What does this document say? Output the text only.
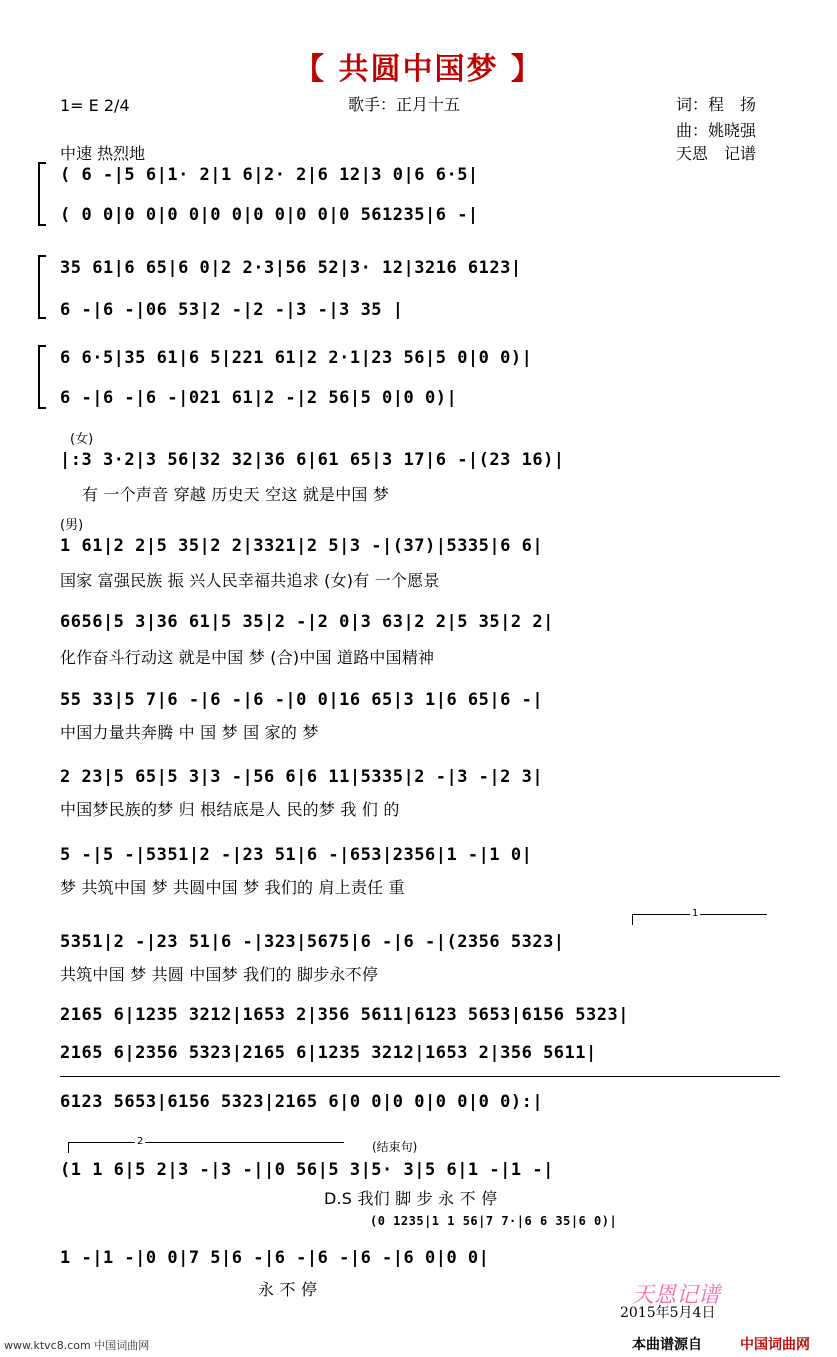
【 共圆中国梦 】
1= E 2/4	歌手：正月十五	词：程　扬
曲：姚晓强
中速 热烈地	天恩　记谱
( 6 -|5 6|1· 2|1 6|2· 2|6 12|3 0|6 6·5|
( 0 0|0 0|0 0|0 0|0 0|0 0|0 561235|6 -|
35 61|6 65|6 0|2 2·3|56 52|3· 12|3216 6123|
6 -|6 -|06 53|2 -|2 -|3 -|3 35 |
6 6·5|35 61|6 5|221 61|2 2·1|23 56|5 0|0 0)|
6 -|6 -|6 -|021 61|2 -|2 56|5 0|0 0)|
(女)
|:3 3·2|3 56|32 32|36 6|61 65|3 17|6 -|(23 16)|
有 一个声音 穿越 历史天 空这 就是中国 梦
(男)
1 61|2 2|5 35|2 2|3321|2 5|3 -|(37)|5335|6 6|
国家 富强民族 振 兴人民幸福共追求 (女)有 一个愿景
6656|5 3|36 61|5 35|2 -|2 0|3 63|2 2|5 35|2 2|
化作奋斗行动这 就是中国 梦 (合)中国 道路中国精神
55 33|5 7|6 -|6 -|6 -|0 0|16 65|3 1|6 65|6 -|
中国力量共奔腾 中 国 梦 国 家的 梦
2 23|5 65|5 3|3 -|56 6|6 11|5335|2 -|3 -|2 3|
中国梦民族的梦 归 根结底是人 民的梦 我 们 的
5 -|5 -|5351|2 -|23 51|6 -|653|2356|1 -|1 0|
梦 共筑中国 梦 共圆中国 梦 我们的 肩上责任 重
1
5351|2 -|23 51|6 -|323|5675|6 -|6 -|(2356 5323|
共筑中国 梦 共圆 中国梦 我们的 脚步永不停
2165 6|1235 3212|1653 2|356 5611|6123 5653|6156 5323|
2165 6|2356 5323|2165 6|1235 3212|1653 2|356 5611|
6123 5653|6156 5323|2165 6|0 0|0 0|0 0|0 0):|
2	(结束句)
(1 1 6|5 2|3 -|3 -||0 56|5 3|5· 3|5 6|1 -|1 -|
D.S 我们 脚 步 永 不 停
(0 1235|1 1 56|7 7·|6 6 35|6 0)|
1 -|1 -|0 0|7 5|6 -|6 -|6 -|6 -|6 0|0 0|
永 不 停	天恩记谱
2015年5月4日
www.ktvc8.com 中国词曲网	本曲谱源自	中国词曲网
